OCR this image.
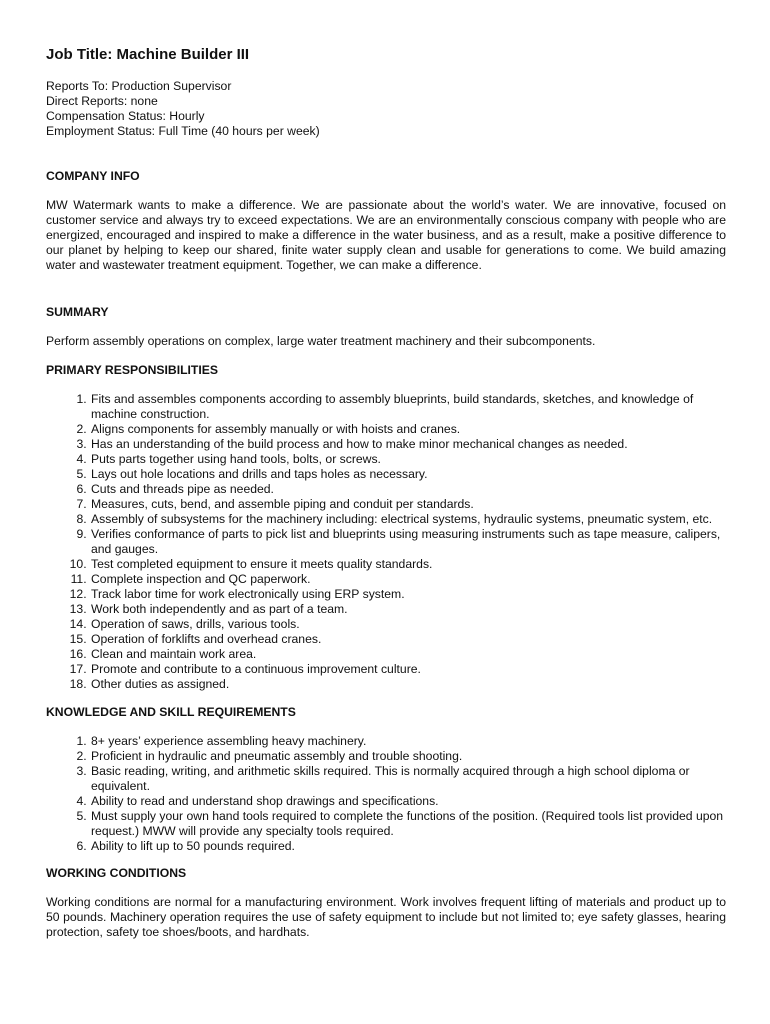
Job Title: Machine Builder III
Reports To: Production Supervisor
Direct Reports: none
Compensation Status: Hourly
Employment Status: Full Time (40 hours per week)
COMPANY INFO

MW Watermark wants to make a difference. We are passionate about the world’s water. We are innovative, focused on customer service and always try to exceed expectations. We are an environmentally conscious company with people who are energized, encouraged and inspired to make a difference in the water business, and as a result, make a positive difference to our planet by helping to keep our shared, finite water supply clean and usable for generations to come. We build amazing water and wastewater treatment equipment. Together, we can make a difference.

SUMMARY

Perform assembly operations on complex, large water treatment machinery and their subcomponents.

PRIMARY RESPONSIBILITIES
1. Fits and assembles components according to assembly blueprints, build standards, sketches, and knowledge of machine construction.
2. Aligns components for assembly manually or with hoists and cranes.
3. Has an understanding of the build process and how to make minor mechanical changes as needed.
4. Puts parts together using hand tools, bolts, or screws.
5. Lays out hole locations and drills and taps holes as necessary.
6. Cuts and threads pipe as needed.
7. Measures, cuts, bend, and assemble piping and conduit per standards.
8. Assembly of subsystems for the machinery including: electrical systems, hydraulic systems, pneumatic system, etc.
9. Verifies conformance of parts to pick list and blueprints using measuring instruments such as tape measure, calipers, and gauges.
10. Test completed equipment to ensure it meets quality standards.
11. Complete inspection and QC paperwork.
12. Track labor time for work electronically using ERP system.
13. Work both independently and as part of a team.
14. Operation of saws, drills, various tools.
15. Operation of forklifts and overhead cranes.
16. Clean and maintain work area.
17. Promote and contribute to a continuous improvement culture.
18. Other duties as assigned.
KNOWLEDGE AND SKILL REQUIREMENTS
1. 8+ years’ experience assembling heavy machinery.
2. Proficient in hydraulic and pneumatic assembly and trouble shooting.
3. Basic reading, writing, and arithmetic skills required. This is normally acquired through a high school diploma or equivalent.
4. Ability to read and understand shop drawings and specifications.
5. Must supply your own hand tools required to complete the functions of the position. (Required tools list provided upon request.) MWW will provide any specialty tools required.
6. Ability to lift up to 50 pounds required.
WORKING CONDITIONS

Working conditions are normal for a manufacturing environment. Work involves frequent lifting of materials and product up to 50 pounds. Machinery operation requires the use of safety equipment to include but not limited to; eye safety glasses, hearing protection, safety toe shoes/boots, and hardhats.
